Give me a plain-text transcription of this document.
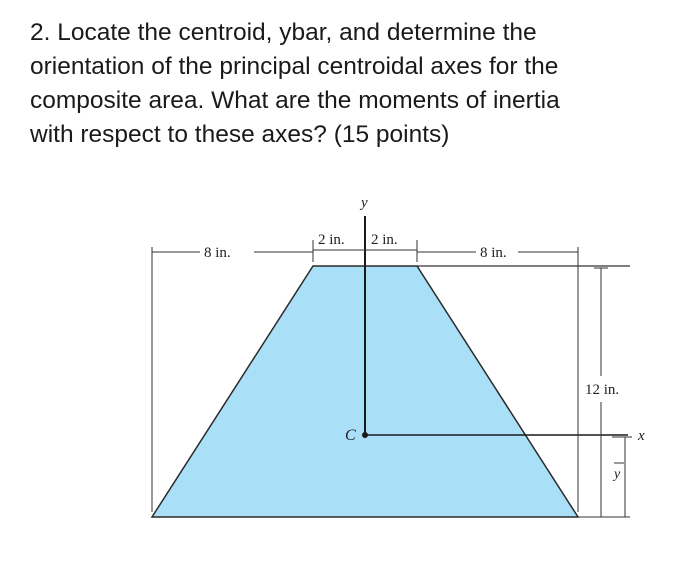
2. Locate the centroid, ybar, and determine the
orientation of the principal centroidal axes for the
composite area. What are the moments of inertia
with respect to these axes? (15 points)
y
x
C
8 in.
2 in. 2 in.
8 in.
12 in.
y
